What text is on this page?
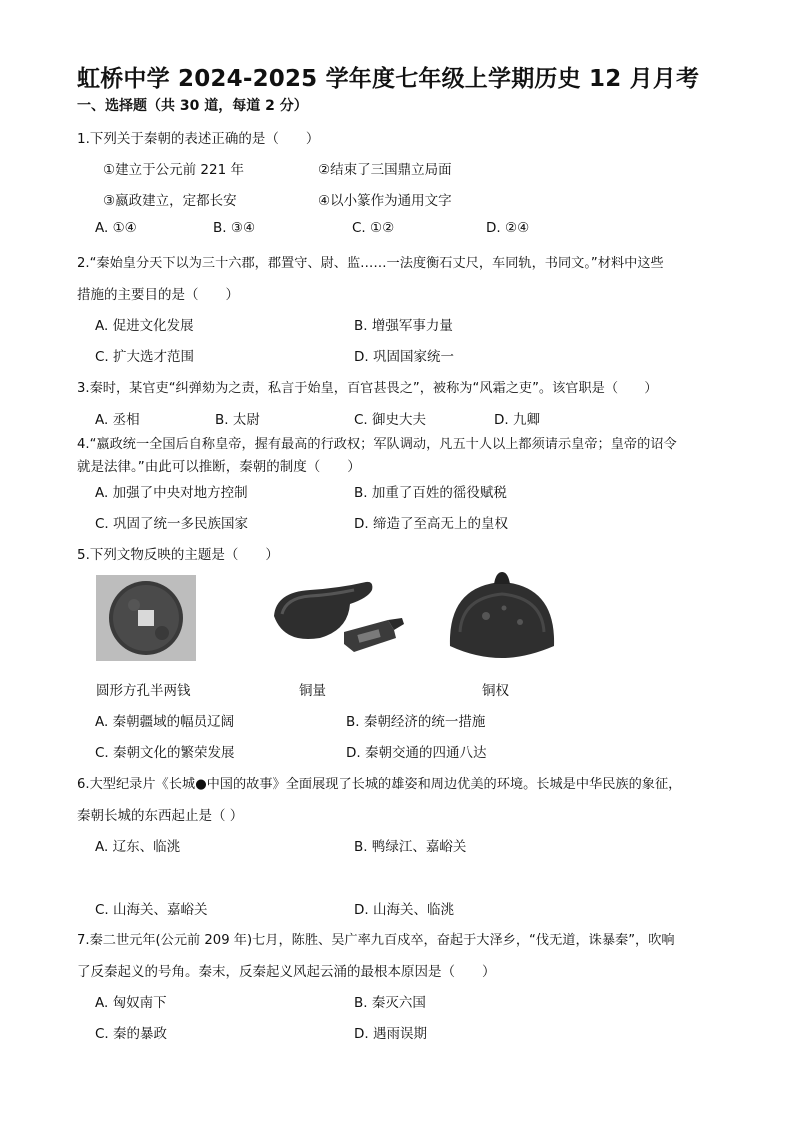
虹桥中学 2024-2025 学年度七年级上学期历史 12 月月考
一、选择题（共 30 道，每道 2 分）
1.下列关于秦朝的表述正确的是（　　）
①建立于公元前 221 年	②结束了三国鼎立局面
③嬴政建立，定都长安	④以小篆作为通用文字
A. ①④	B. ③④	C. ①②	D. ②④
2.“秦始皇分天下以为三十六郡，郡置守、尉、监……一法度衡石丈尺，车同轨，书同文。”材料中这些
措施的主要目的是（　　）
A. 促进文化发展	B. 增强军事力量
C. 扩大选才范围	D. 巩固国家统一
3.秦时，某官吏“纠弹劾为之责，私言于始皇，百官甚畏之”，被称为“风霜之吏”。该官职是（　　）
A. 丞相	B. 太尉	C. 御史大夫	D. 九卿
4.“嬴政统一全国后自称皇帝，握有最高的行政权；军队调动，凡五十人以上都须请示皇帝；皇帝的诏令
就是法律。”由此可以推断，秦朝的制度（　　）
A. 加强了中央对地方控制	B. 加重了百姓的徭役赋税
C. 巩固了统一多民族国家	D. 缔造了至高无上的皇权
5.下列文物反映的主题是（　　）
圆形方孔半两钱	铜量	铜权
A. 秦朝疆域的幅员辽阔	B. 秦朝经济的统一措施
C. 秦朝文化的繁荣发展	D. 秦朝交通的四通八达
6.大型纪录片《长城●中国的故事》全面展现了长城的雄姿和周边优美的环境。长城是中华民族的象征，
秦朝长城的东西起止是（ ）
A. 辽东、临洮	B. 鸭绿江、嘉峪关
C. 山海关、嘉峪关	D. 山海关、临洮
7.秦二世元年(公元前 209 年)七月，陈胜、吴广率九百戍卒，奋起于大泽乡，“伐无道，诛暴秦”，吹响
了反秦起义的号角。秦末，反秦起义风起云涌的最根本原因是（　　）
A. 匈奴南下	B. 秦灭六国
C. 秦的暴政	D. 遇雨误期
